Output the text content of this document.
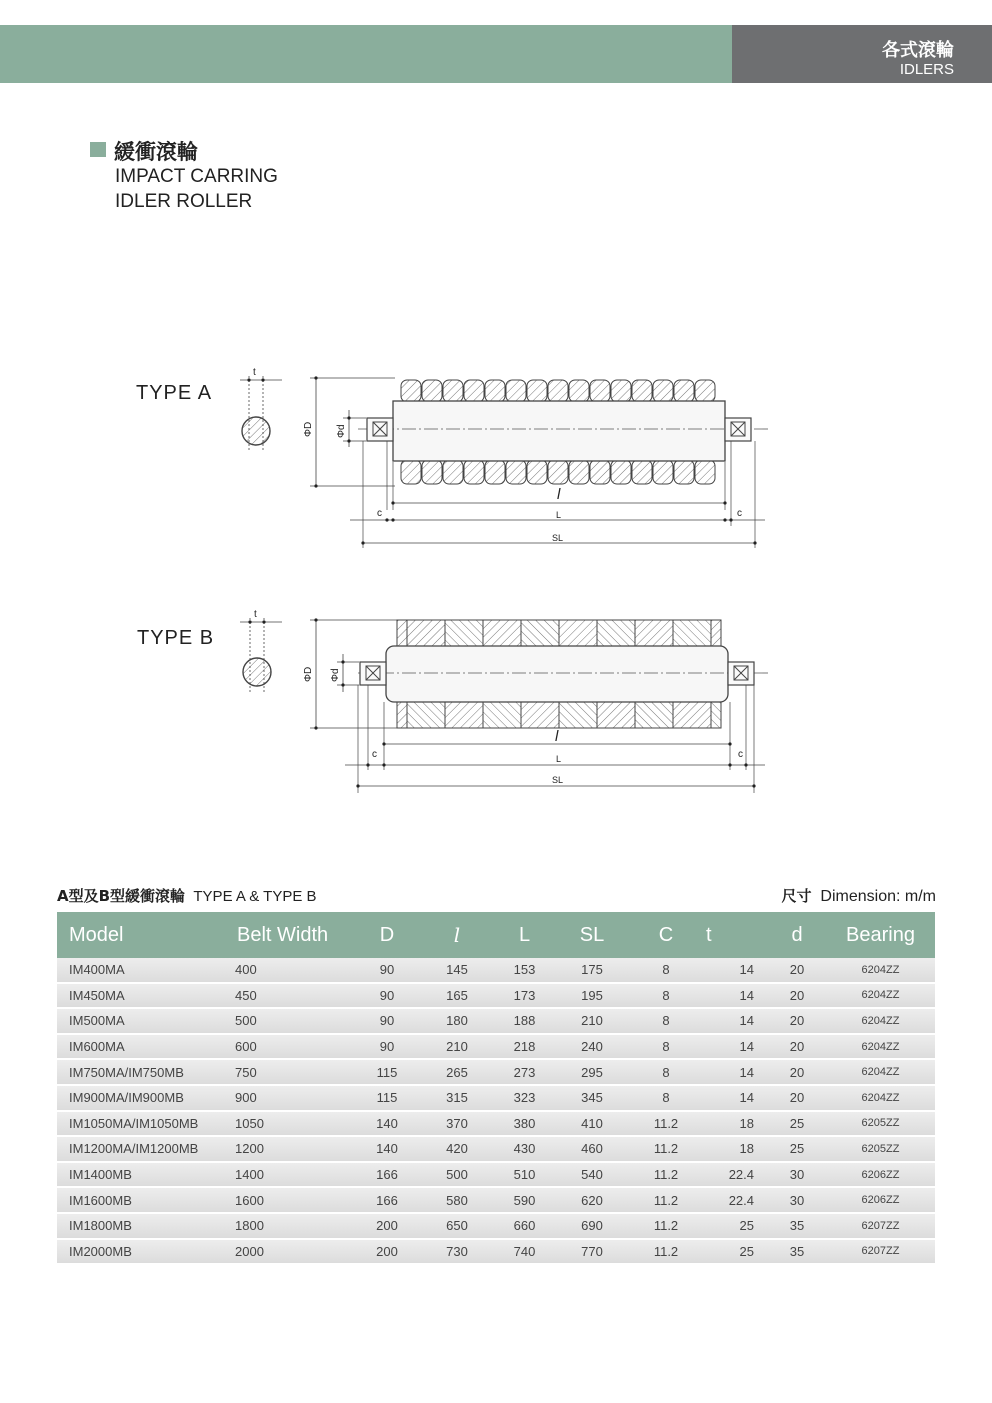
各式滾輪
IDLERS
緩衝滾輪
IMPACT CARRING
IDLER ROLLER
TYPE A
TYPE B
t
ΦD Φd
l
L
c	c
SL
t
ΦD Φd
l
L
c	c
SL
A型及B型緩衝滾輪 TYPE A & TYPE B	尺寸 Dimension: m/m
Model	Belt Width	D	l	L	SL	C	t	d	Bearing
IM400MA	400	90	145	153	175	8	14	20	6204ZZ
IM450MA	450	90	165	173	195	8	14	20	6204ZZ
IM500MA	500	90	180	188	210	8	14	20	6204ZZ
IM600MA	600	90	210	218	240	8	14	20	6204ZZ
IM750MA/IM750MB	750	115	265	273	295	8	14	20	6204ZZ
IM900MA/IM900MB	900	115	315	323	345	8	14	20	6204ZZ
IM1050MA/IM1050MB	1050	140	370	380	410	11.2	18	25	6205ZZ
IM1200MA/IM1200MB	1200	140	420	430	460	11.2	18	25	6205ZZ
IM1400MB	1400	166	500	510	540	11.2	22.4	30	6206ZZ
IM1600MB	1600	166	580	590	620	11.2	22.4	30	6206ZZ
IM1800MB	1800	200	650	660	690	11.2	25	35	6207ZZ
IM2000MB	2000	200	730	740	770	11.2	25	35	6207ZZ
